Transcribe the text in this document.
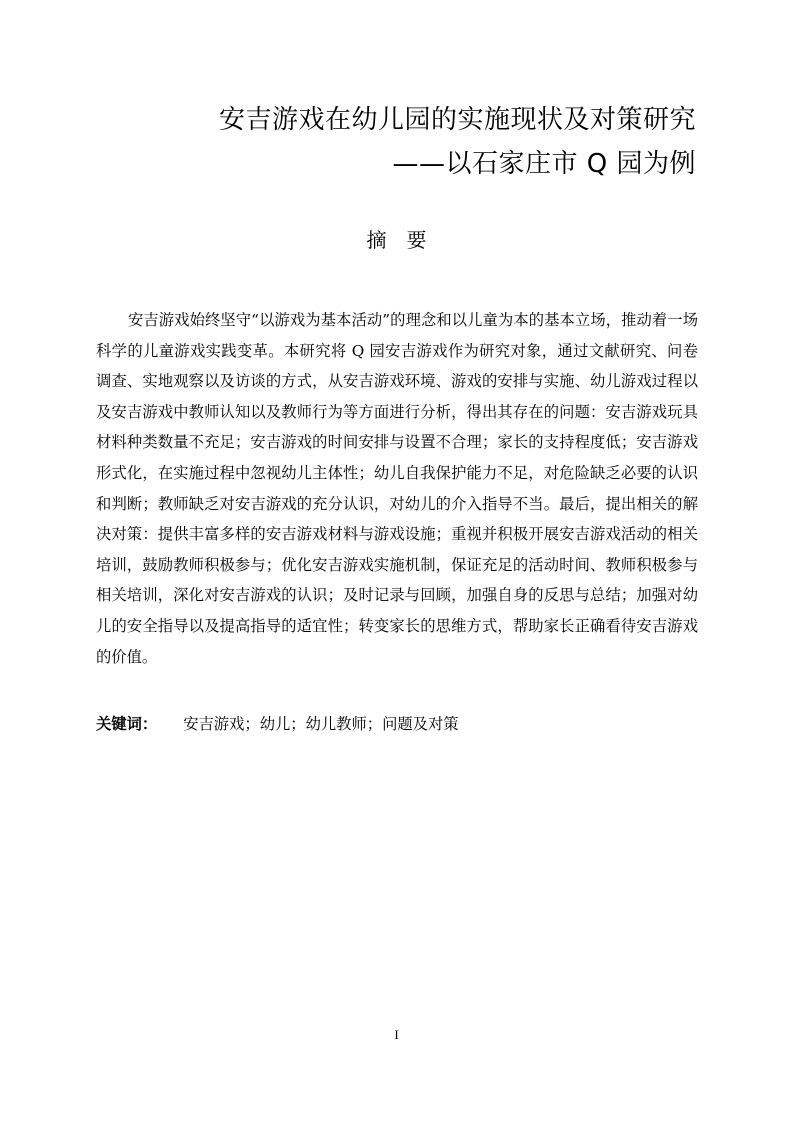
安吉游戏在幼儿园的实施现状及对策研究
——以石家庄市 Q 园为例
摘要

安吉游戏始终坚守“以游戏为基本活动”的理念和以儿童为本的基本立场，推动着一场科学的儿童游戏实践变革。本研究将 Q 园安吉游戏作为研究对象，通过文献研究、问卷调查、实地观察以及访谈的方式，从安吉游戏环境、游戏的安排与实施、幼儿游戏过程以及安吉游戏中教师认知以及教师行为等方面进行分析，得出其存在的问题：安吉游戏玩具材料种类数量不充足；安吉游戏的时间安排与设置不合理；家长的支持程度低；安吉游戏形式化，在实施过程中忽视幼儿主体性；幼儿自我保护能力不足，对危险缺乏必要的认识和判断；教师缺乏对安吉游戏的充分认识，对幼儿的介入指导不当。最后，提出相关的解决对策：提供丰富多样的安吉游戏材料与游戏设施；重视并积极开展安吉游戏活动的相关培训，鼓励教师积极参与；优化安吉游戏实施机制，保证充足的活动时间、教师积极参与相关培训，深化对安吉游戏的认识；及时记录与回顾，加强自身的反思与总结；加强对幼儿的安全指导以及提高指导的适宜性；转变家长的思维方式，帮助家长正确看待安吉游戏的价值。

关键词： 安吉游戏；幼儿；幼儿教师；问题及对策
I
